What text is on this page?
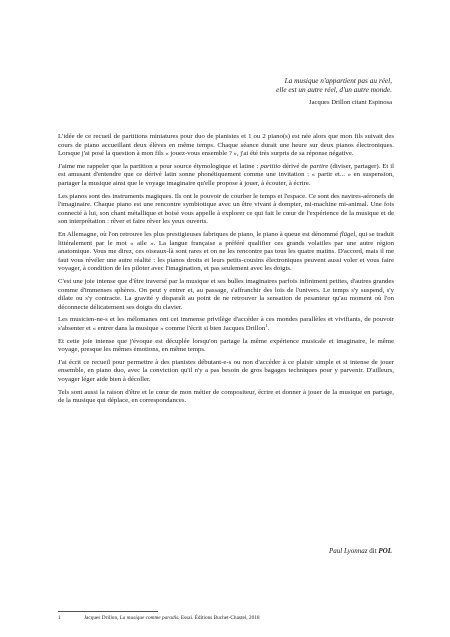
La musique n'appartient pas au réel,
elle est un autre réel, d'un autre monde.
Jacques Drillon citant Espinosa

L'idée de ce recueil de partitions miniatures pour duo de pianistes et 1 ou 2 piano(s) est née alors que mon fils suivait des cours de piano accueillant deux élèves en même temps. Chaque séance durait une heure sur deux pianos électroniques. Lorsque j'ai posé la question à mon fils « jouez-vous ensemble ? », j'ai été très surpris de sa réponse négative.

J'aime me rappeler que la partition a pour source étymologique et latine : partitio dérivé de partire (diviser, partager). Et il est amusant d'entendre que ce dérivé latin sonne phonétiquement comme une invitation : « partir et... » en suspension, partager la musique ainsi que le voyage imaginaire qu'elle propose à jouer, à écouter, à écrire.

Les pianos sont des instruments magiques. Ils ont le pouvoir de courber le temps et l'espace. Ce sont des navires-aéronefs de l'imaginaire. Chaque piano est une rencontre symbiotique avec un être vivant à dompter, mi-machine mi-animal. Une fois connecté à lui, son chant métallique et boisé vous appelle à explorer ce qui fait le cœur de l'expérience de la musique et de son interprétation : rêver et faire rêver les yeux ouverts.

En Allemagne, où l'on retrouve les plus prestigieuses fabriques de piano, le piano à queue est dénommé flügel, qui se traduit littéralement par le mot « aile ». La langue française a préféré qualifier ces grands volatiles par une autre région anatomique. Vous me direz, ces oiseaux-là sont rares et on ne les rencontre pas tous les quatre matins. D'accord, mais il me faut vous révéler une autre réalité : les pianos droits et leurs petits-cousins électroniques peuvent aussi voler et vous faire voyager, à condition de les piloter avec l'imagination, et pas seulement avec les doigts.

C'est une joie intense que d'être traversé par la musique et ses bulles imaginaires parfois infiniment petites, d'autres grandes comme d'immenses sphères. On peut y entrer et, au passage, s'affranchir des lois de l'univers. Le temps s'y suspend, s'y dilate ou s'y contracte. La gravité y disparaît au point de ne retrouver la sensation de pesanteur qu'au moment où l'on déconnecte délicatement ses doigts du clavier.

Les musicien-ne-s et les mélomanes ont cet immense privilège d'accéder à ces mondes parallèles et vivifiants, de pouvoir s'absenter et « entrer dans la musique » comme l'écrit si bien Jacques Drillon$^1$.

Et cette joie intense que j'évoque est décuplée lorsqu'on partage la même expérience musicale et imaginaire, le même voyage, presque les mêmes émotions, en même temps.

J'ai écrit ce recueil pour permettre à des pianistes débutant-e-s ou non d'accéder à ce plaisir simple et si intense de jouer ensemble, en piano duo, avec la conviction qu'il n'y a pas besoin de gros bagages techniques pour y parvenir. D'ailleurs, voyager léger aide bien à décoller.

Tels sont aussi la raison d'être et le cœur de mon métier de compositeur, écrire et donner à jouer de la musique en partage, de la musique qui déplace, en correspondances.

Paul Lyonnaz dit POL
1	Jacques Drillon, La musique comme paradis. Essai. Éditions Buchet-Chastel, 2018
